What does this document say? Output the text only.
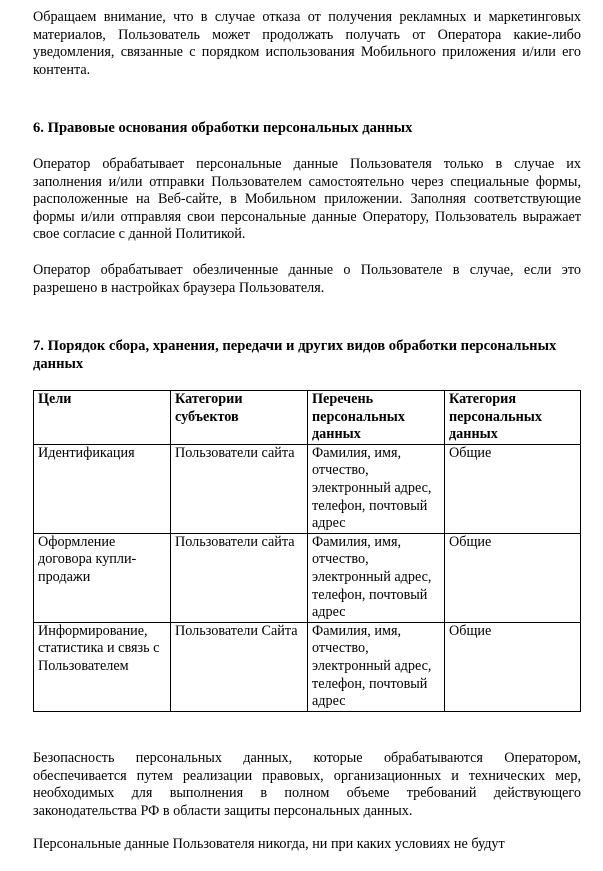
Обращаем внимание, что в случае отказа от получения рекламных и маркетинговых материалов, Пользователь может продолжать получать от Оператора какие-либо уведомления, связанные с порядком использования Мобильного приложения и/или его контента.

6. Правовые основания обработки персональных данных

Оператор обрабатывает персональные данные Пользователя только в случае их заполнения и/или отправки Пользователем самостоятельно через специальные формы, расположенные на Веб-сайте, в Мобильном приложении. Заполняя соответствующие формы и/или отправляя свои персональные данные Оператору, Пользователь выражает свое согласие с данной Политикой.

Оператор обрабатывает обезличенные данные о Пользователе в случае, если это разрешено в настройках браузера Пользователя.

7. Порядок сбора, хранения, передачи и других видов обработки персональных данных
Цели	Категории субъектов	Перечень персональных данных	Категория персональных данных
Идентификация	Пользователи сайта	Фамилия, имя, отчество, электронный адрес, телефон, почтовый адрес	Общие
Оформление договора купли-продажи	Пользователи сайта	Фамилия, имя, отчество, электронный адрес, телефон, почтовый адрес	Общие
Информирование, статистика и связь с Пользователем	Пользователи Сайта	Фамилия, имя, отчество, электронный адрес, телефон, почтовый адрес	Общие

Безопасность персональных данных, которые обрабатываются Оператором, обеспечивается путем реализации правовых, организационных и технических мер, необходимых для выполнения в полном объеме требований действующего законодательства РФ в области защиты персональных данных.

Персональные данные Пользователя никогда, ни при каких условиях не будут
